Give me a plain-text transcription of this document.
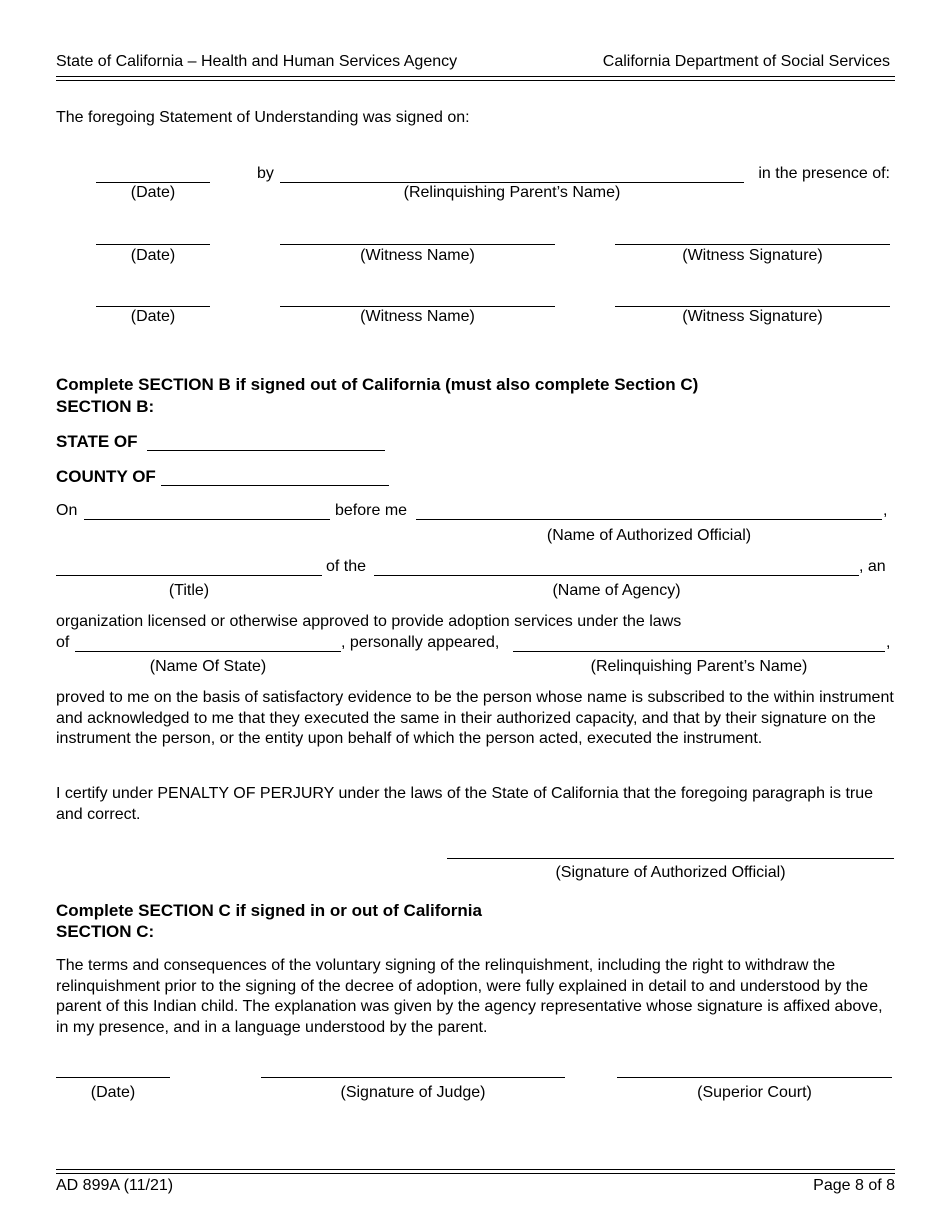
State of California – Health and Human Services Agency	California Department of Social Services
The foregoing Statement of Understanding was signed on:
by	in the presence of:
(Date)	(Relinquishing Parent’s Name)
(Date)	(Witness Name)	(Witness Signature)
(Date)	(Witness Name)	(Witness Signature)
Complete SECTION B if signed out of California (must also complete Section C)
SECTION B:
STATE OF
COUNTY OF
On	before me	,
(Name of Authorized Official)
of the	, an
(Title)	(Name of Agency)
organization licensed or otherwise approved to provide adoption services under the laws
of	, personally appeared,	,
(Name Of State)	(Relinquishing Parent’s Name)
proved to me on the basis of satisfactory evidence to be the person whose name is subscribed to the within instrument and acknowledged to me that they executed the same in their authorized capacity, and that by their signature on the instrument the person, or the entity upon behalf of which the person acted, executed the instrument.
I certify under PENALTY OF PERJURY under the laws of the State of California that the foregoing paragraph is true and correct.
(Signature of Authorized Official)
Complete SECTION C if signed in or out of California
SECTION C:
The terms and consequences of the voluntary signing of the relinquishment, including the right to withdraw the relinquishment prior to the signing of the decree of adoption, were fully explained in detail to and understood by the parent of this Indian child. The explanation was given by the agency representative whose signature is affixed above, in my presence, and in a language understood by the parent.
(Date)	(Signature of Judge)	(Superior Court)
AD 899A (11/21)	Page 8 of 8
